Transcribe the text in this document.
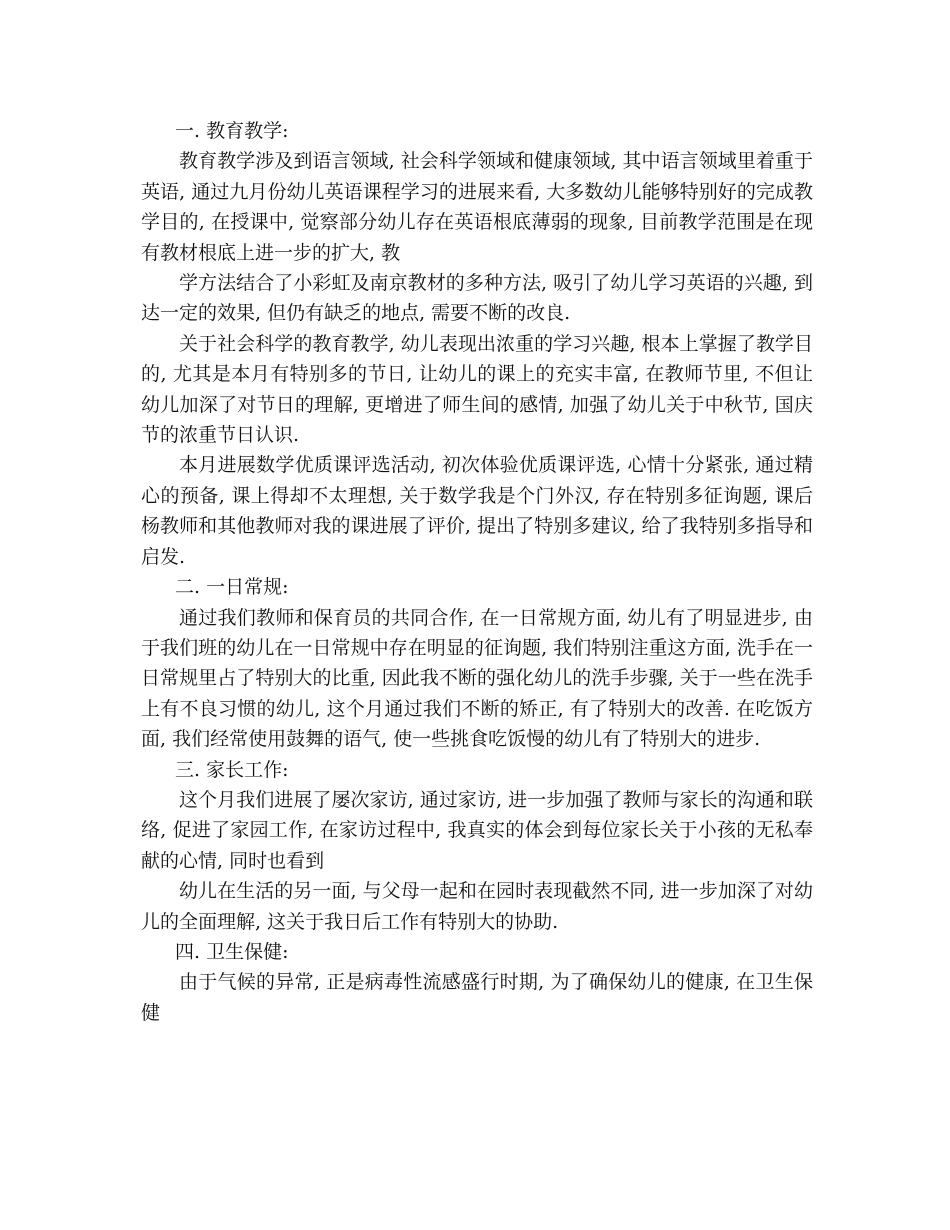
一. 教育教学:

教育教学涉及到语言领域, 社会科学领域和健康领域, 其中语言领域里着重于英语, 通过九月份幼儿英语课程学习的进展来看, 大多数幼儿能够特别好的完成教学目的, 在授课中, 觉察部分幼儿存在英语根底薄弱的现象, 目前教学范围是在现有教材根底上进一步的扩大, 教

学方法结合了小彩虹及南京教材的多种方法, 吸引了幼儿学习英语的兴趣, 到达一定的效果, 但仍有缺乏的地点, 需要不断的改良.

关于社会科学的教育教学, 幼儿表现出浓重的学习兴趣, 根本上掌握了教学目的, 尤其是本月有特别多的节日, 让幼儿的课上的充实丰富, 在教师节里, 不但让幼儿加深了对节日的理解, 更增进了师生间的感情, 加强了幼儿关于中秋节, 国庆节的浓重节日认识.

本月进展数学优质课评选活动, 初次体验优质课评选, 心情十分紧张, 通过精心的预备, 课上得却不太理想, 关于数学我是个门外汉, 存在特别多征询题, 课后杨教师和其他教师对我的课进展了评价, 提出了特别多建议, 给了我特别多指导和启发.

二. 一日常规:

通过我们教师和保育员的共同合作, 在一日常规方面, 幼儿有了明显进步, 由于我们班的幼儿在一日常规中存在明显的征询题, 我们特别注重这方面, 洗手在一日常规里占了特别大的比重, 因此我不断的强化幼儿的洗手步骤, 关于一些在洗手上有不良习惯的幼儿, 这个月通过我们不断的矫正, 有了特别大的改善. 在吃饭方面, 我们经常使用鼓舞的语气, 使一些挑食吃饭慢的幼儿有了特别大的进步.

三. 家长工作:

这个月我们进展了屡次家访, 通过家访, 进一步加强了教师与家长的沟通和联络, 促进了家园工作, 在家访过程中, 我真实的体会到每位家长关于小孩的无私奉献的心情, 同时也看到

幼儿在生活的另一面, 与父母一起和在园时表现截然不同, 进一步加深了对幼儿的全面理解, 这关于我日后工作有特别大的协助.

四. 卫生保健:

由于气候的异常, 正是病毒性流感盛行时期, 为了确保幼儿的健康, 在卫生保健
